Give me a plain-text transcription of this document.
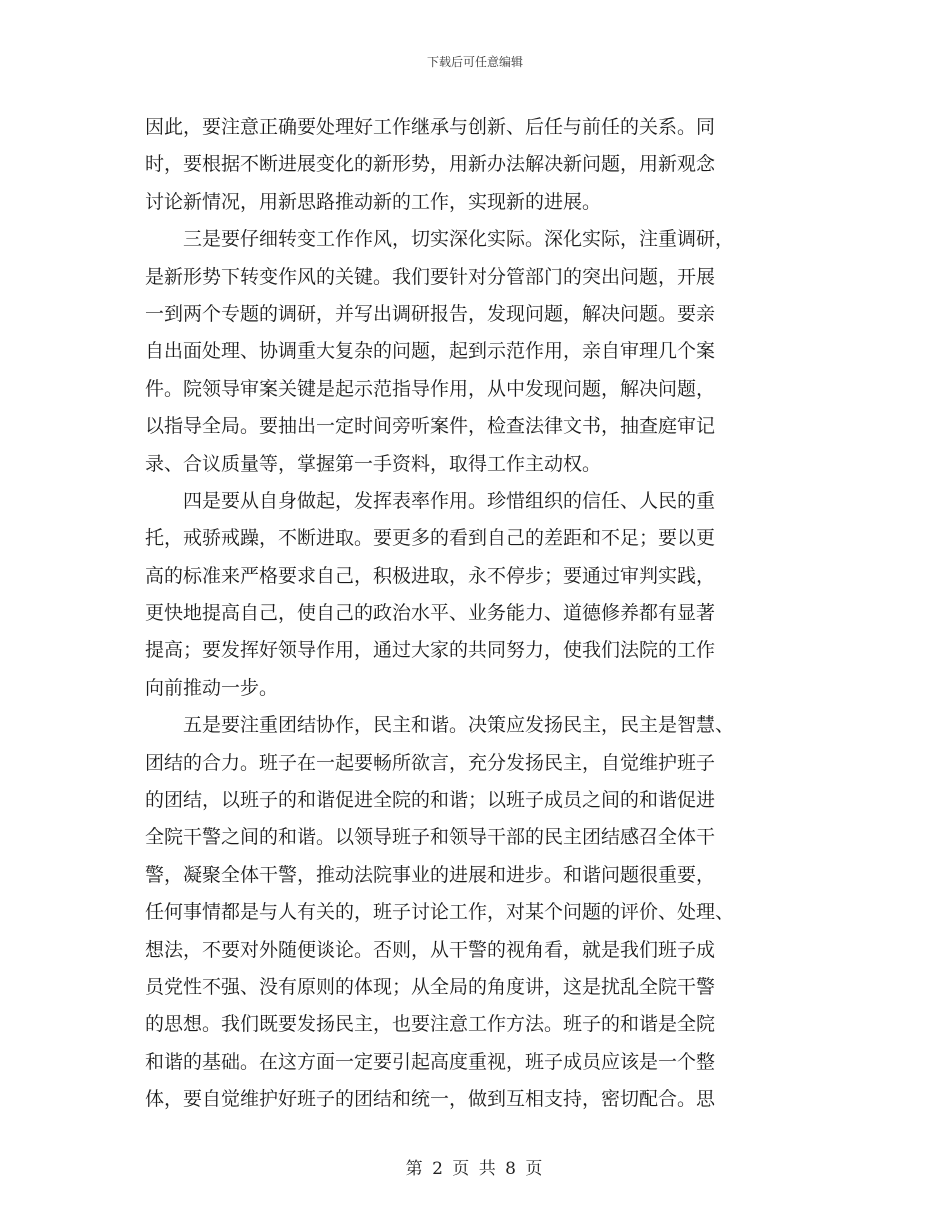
下载后可任意编辑
因此，要注意正确要处理好工作继承与创新、后任与前任的关系。同
时，要根据不断进展变化的新形势，用新办法解决新问题，用新观念
讨论新情况，用新思路推动新的工作，实现新的进展。
三是要仔细转变工作作风，切实深化实际。深化实际，注重调研，
是新形势下转变作风的关键。我们要针对分管部门的突出问题，开展
一到两个专题的调研，并写出调研报告，发现问题，解决问题。要亲
自出面处理、协调重大复杂的问题，起到示范作用，亲自审理几个案
件。院领导审案关键是起示范指导作用，从中发现问题，解决问题，
以指导全局。要抽出一定时间旁听案件，检查法律文书，抽查庭审记
录、合议质量等，掌握第一手资料，取得工作主动权。
四是要从自身做起，发挥表率作用。珍惜组织的信任、人民的重
托，戒骄戒躁，不断进取。要更多的看到自己的差距和不足；要以更
高的标准来严格要求自己，积极进取，永不停步；要通过审判实践，
更快地提高自己，使自己的政治水平、业务能力、道德修养都有显著
提高；要发挥好领导作用，通过大家的共同努力，使我们法院的工作
向前推动一步。
五是要注重团结协作，民主和谐。决策应发扬民主，民主是智慧、
团结的合力。班子在一起要畅所欲言，充分发扬民主，自觉维护班子
的团结，以班子的和谐促进全院的和谐；以班子成员之间的和谐促进
全院干警之间的和谐。以领导班子和领导干部的民主团结感召全体干
警，凝聚全体干警，推动法院事业的进展和进步。和谐问题很重要，
任何事情都是与人有关的，班子讨论工作，对某个问题的评价、处理、
想法，不要对外随便谈论。否则，从干警的视角看，就是我们班子成
员党性不强、没有原则的体现；从全局的角度讲，这是扰乱全院干警
的思想。我们既要发扬民主，也要注意工作方法。班子的和谐是全院
和谐的基础。在这方面一定要引起高度重视，班子成员应该是一个整
体，要自觉维护好班子的团结和统一，做到互相支持，密切配合。思
第 2 页 共 8 页
